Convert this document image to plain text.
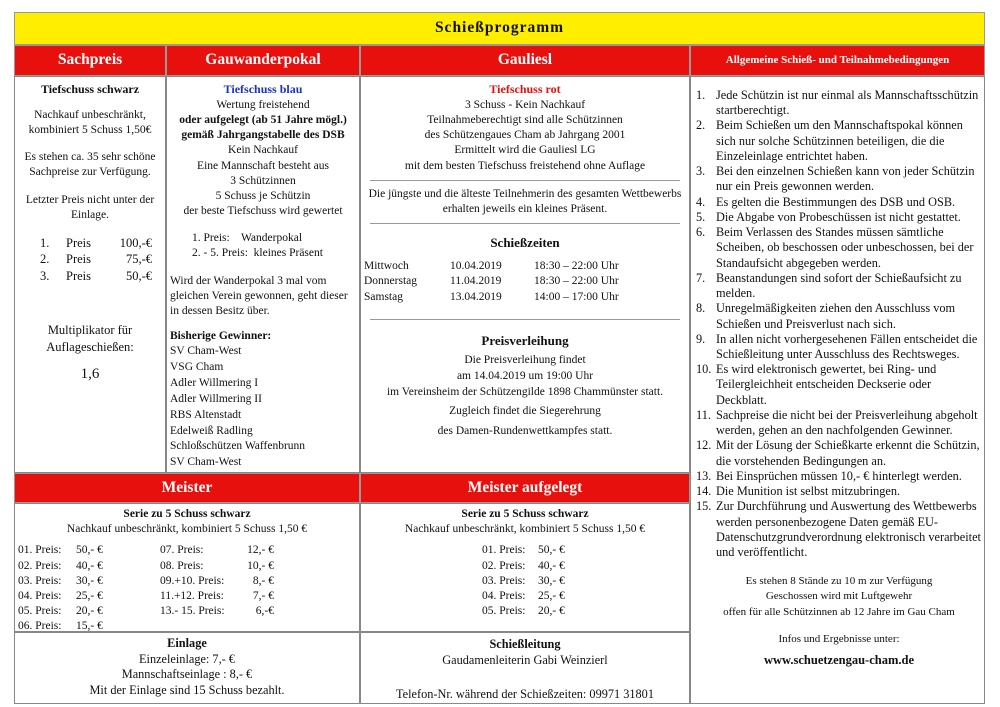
Schießprogramm
Sachpreis	Gauwanderpokal	Gauliesl	Allgemeine Schieß- und Teilnahmebedingungen
Tiefschuss schwarz
Nachkauf unbeschränkt, kombiniert 5 Schuss 1,50€
Es stehen ca. 35 sehr schöne Sachpreise zur Verfügung.
Letzter Preis nicht unter der Einlage.
1.	Preis	100,-€
2.	Preis	75,-€
3.	Preis	50,-€
Multiplikator für Auflageschießen:
1,6
Tiefschuss blau
Wertung freistehend
oder aufgelegt (ab 51 Jahre mögl.)
gemäß Jahrgangstabelle des DSB
Kein Nachkauf
Eine Mannschaft besteht aus
3 Schützinnen
5 Schuss je Schützin
der beste Tiefschuss wird gewertet
1. Preis:    Wanderpokal
2. - 5. Preis:  kleines Präsent
Wird der Wanderpokal 3 mal vom gleichen Verein gewonnen, geht dieser in dessen Besitz über.
Bisherige Gewinner:
SV Cham-West
VSG Cham
Adler Willmering I
Adler Willmering II
RBS Altenstadt
Edelweiß Radling
Schloßschützen Waffenbrunn
SV Cham-West
Tiefschuss rot
3 Schuss - Kein Nachkauf
Teilnahmeberechtigt sind alle Schützinnen
des Schützengaues Cham ab Jahrgang 2001
Ermittelt wird die Gauliesl LG
mit dem besten Tiefschuss freistehend ohne Auflage
Die jüngste und die älteste Teilnehmerin des gesamten Wettbewerbs erhalten jeweils ein kleines Präsent.
Schießzeiten
Mittwoch	10.04.2019	18:30 – 22:00 Uhr
Donnerstag	11.04.2019	18:30 – 22:00 Uhr
Samstag	13.04.2019	14:00 – 17:00 Uhr
Preisverleihung
Die Preisverleihung findet
am 14.04.2019 um 19:00 Uhr
im Vereinsheim der Schützengilde 1898 Chammünster statt.
Zugleich findet die Siegerehrung
des Damen-Rundenwettkampfes statt.
1. Jede Schützin ist nur einmal als Mannschaftsschützin startberechtigt.
2. Beim Schießen um den Mannschaftspokal können sich nur solche Schützinnen beteiligen, die die Einzeleinlage entrichtet haben.
3. Bei den einzelnen Schießen kann von jeder Schützin nur ein Preis gewonnen werden.
4. Es gelten die Bestimmungen des DSB und OSB.
5. Die Abgabe von Probeschüssen ist nicht gestattet.
6. Beim Verlassen des Standes müssen sämtliche Scheiben, ob beschossen oder unbeschossen, bei der Standaufsicht abgegeben werden.
7. Beanstandungen sind sofort der Schießaufsicht zu melden.
8. Unregelmäßigkeiten ziehen den Ausschluss vom Schießen und Preisverlust nach sich.
9. In allen nicht vorhergesehenen Fällen entscheidet die Schießleitung unter Ausschluss des Rechtsweges.
10. Es wird elektronisch gewertet, bei Ring- und Teilergleichheit entscheiden Deckserie oder Deckblatt.
11. Sachpreise die nicht bei der Preisverleihung abgeholt werden, gehen an den nachfolgenden Gewinner.
12. Mit der Lösung der Schießkarte erkennt die Schützin, die vorstehenden Bedingungen an.
13. Bei Einsprüchen müssen 10,- € hinterlegt werden.
14. Die Munition ist selbst mitzubringen.
15. Zur Durchführung und Auswertung des Wettbewerbs werden personenbezogene Daten gemäß EU-Datenschutzgrundverordnung elektronisch verarbeitet und veröffentlicht.
Es stehen 8 Stände zu 10 m zur Verfügung
Geschossen wird mit Luftgewehr
offen für alle Schützinnen ab 12 Jahre im Gau Cham
Infos und Ergebnisse unter:
www.schuetzengau-cham.de
Meister	Meister aufgelegt
Serie zu 5 Schuss schwarz
Nachkauf unbeschränkt, kombiniert 5 Schuss 1,50 €
01. Preis:	50,- €
02. Preis:	40,- €
03. Preis:	30,- €
04. Preis:	25,- €
05. Preis:	20,- €
06. Preis:	15,- €
07. Preis:	12,- €
08. Preis:	10,- €
09.+10. Preis:	8,- €
11.+12. Preis:	7,- €
13.- 15. Preis:	6,-€
Serie zu 5 Schuss schwarz
Nachkauf unbeschränkt, kombiniert 5 Schuss 1,50 €
01. Preis:	50,- €
02. Preis:	40,- €
03. Preis:	30,- €
04. Preis:	25,- €
05. Preis:	20,- €
Einlage
Einzeleinlage: 7,- €
Mannschaftseinlage : 8,- €
Mit der Einlage sind 15 Schuss bezahlt.
Schießleitung
Gaudamenleiterin Gabi Weinzierl
Telefon-Nr. während der Schießzeiten: 09971 31801
